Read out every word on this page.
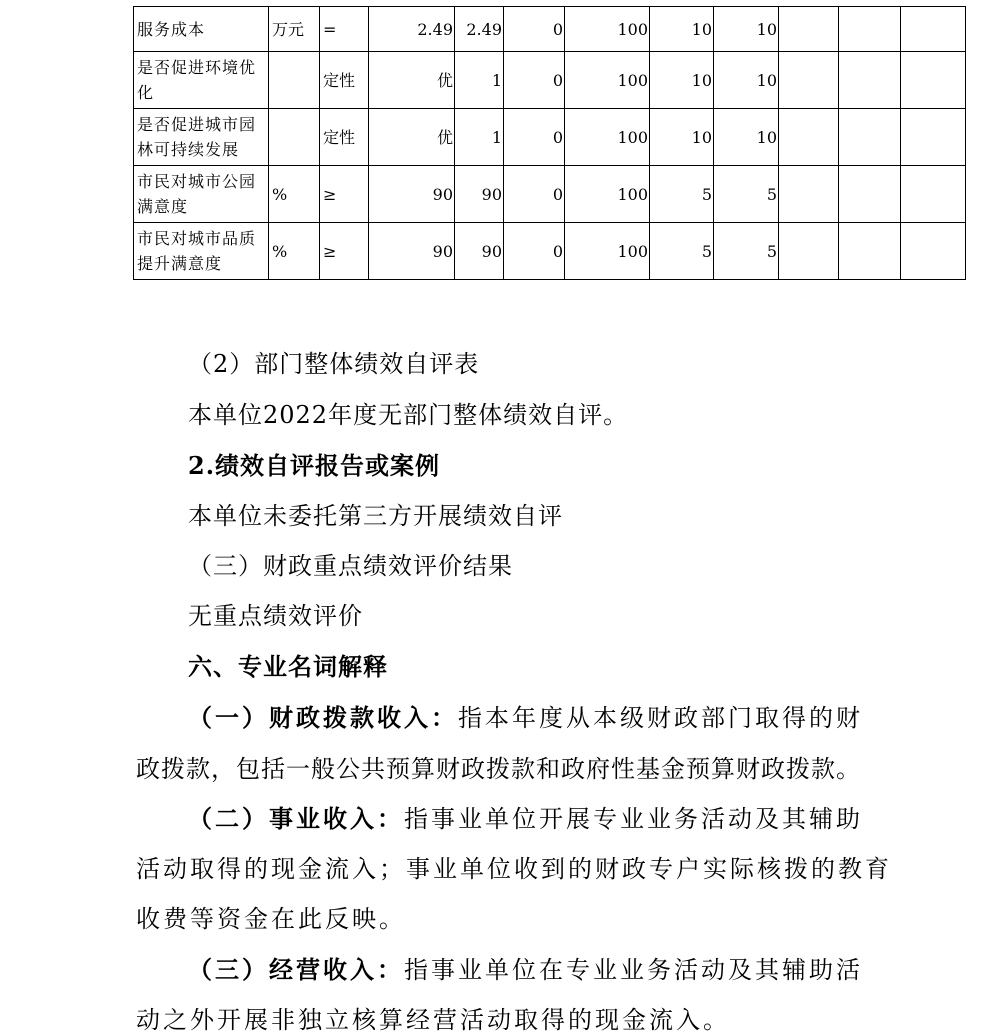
服务成本	万元	=	2.49	2.49	0	100	10	10			
是否促进环境优化		定性	优	1	0	100	10	10			
是否促进城市园林可持续发展		定性	优	1	0	100	10	10			
市民对城市公园满意度	%	≥	90	90	0	100	5	5			
市民对城市品质提升满意度	%	≥	90	90	0	100	5	5			
（2）部门整体绩效自评表
本单位2022年度无部门整体绩效自评。
2.绩效自评报告或案例
本单位未委托第三方开展绩效自评
（三）财政重点绩效评价结果
无重点绩效评价
六、专业名词解释
（一）财政拨款收入：指本年度从本级财政部门取得的财
政拨款，包括一般公共预算财政拨款和政府性基金预算财政拨款。
（二）事业收入：指事业单位开展专业业务活动及其辅助
活动取得的现金流入；事业单位收到的财政专户实际核拨的教育
收费等资金在此反映。
（三）经营收入：指事业单位在专业业务活动及其辅助活
动之外开展非独立核算经营活动取得的现金流入。
